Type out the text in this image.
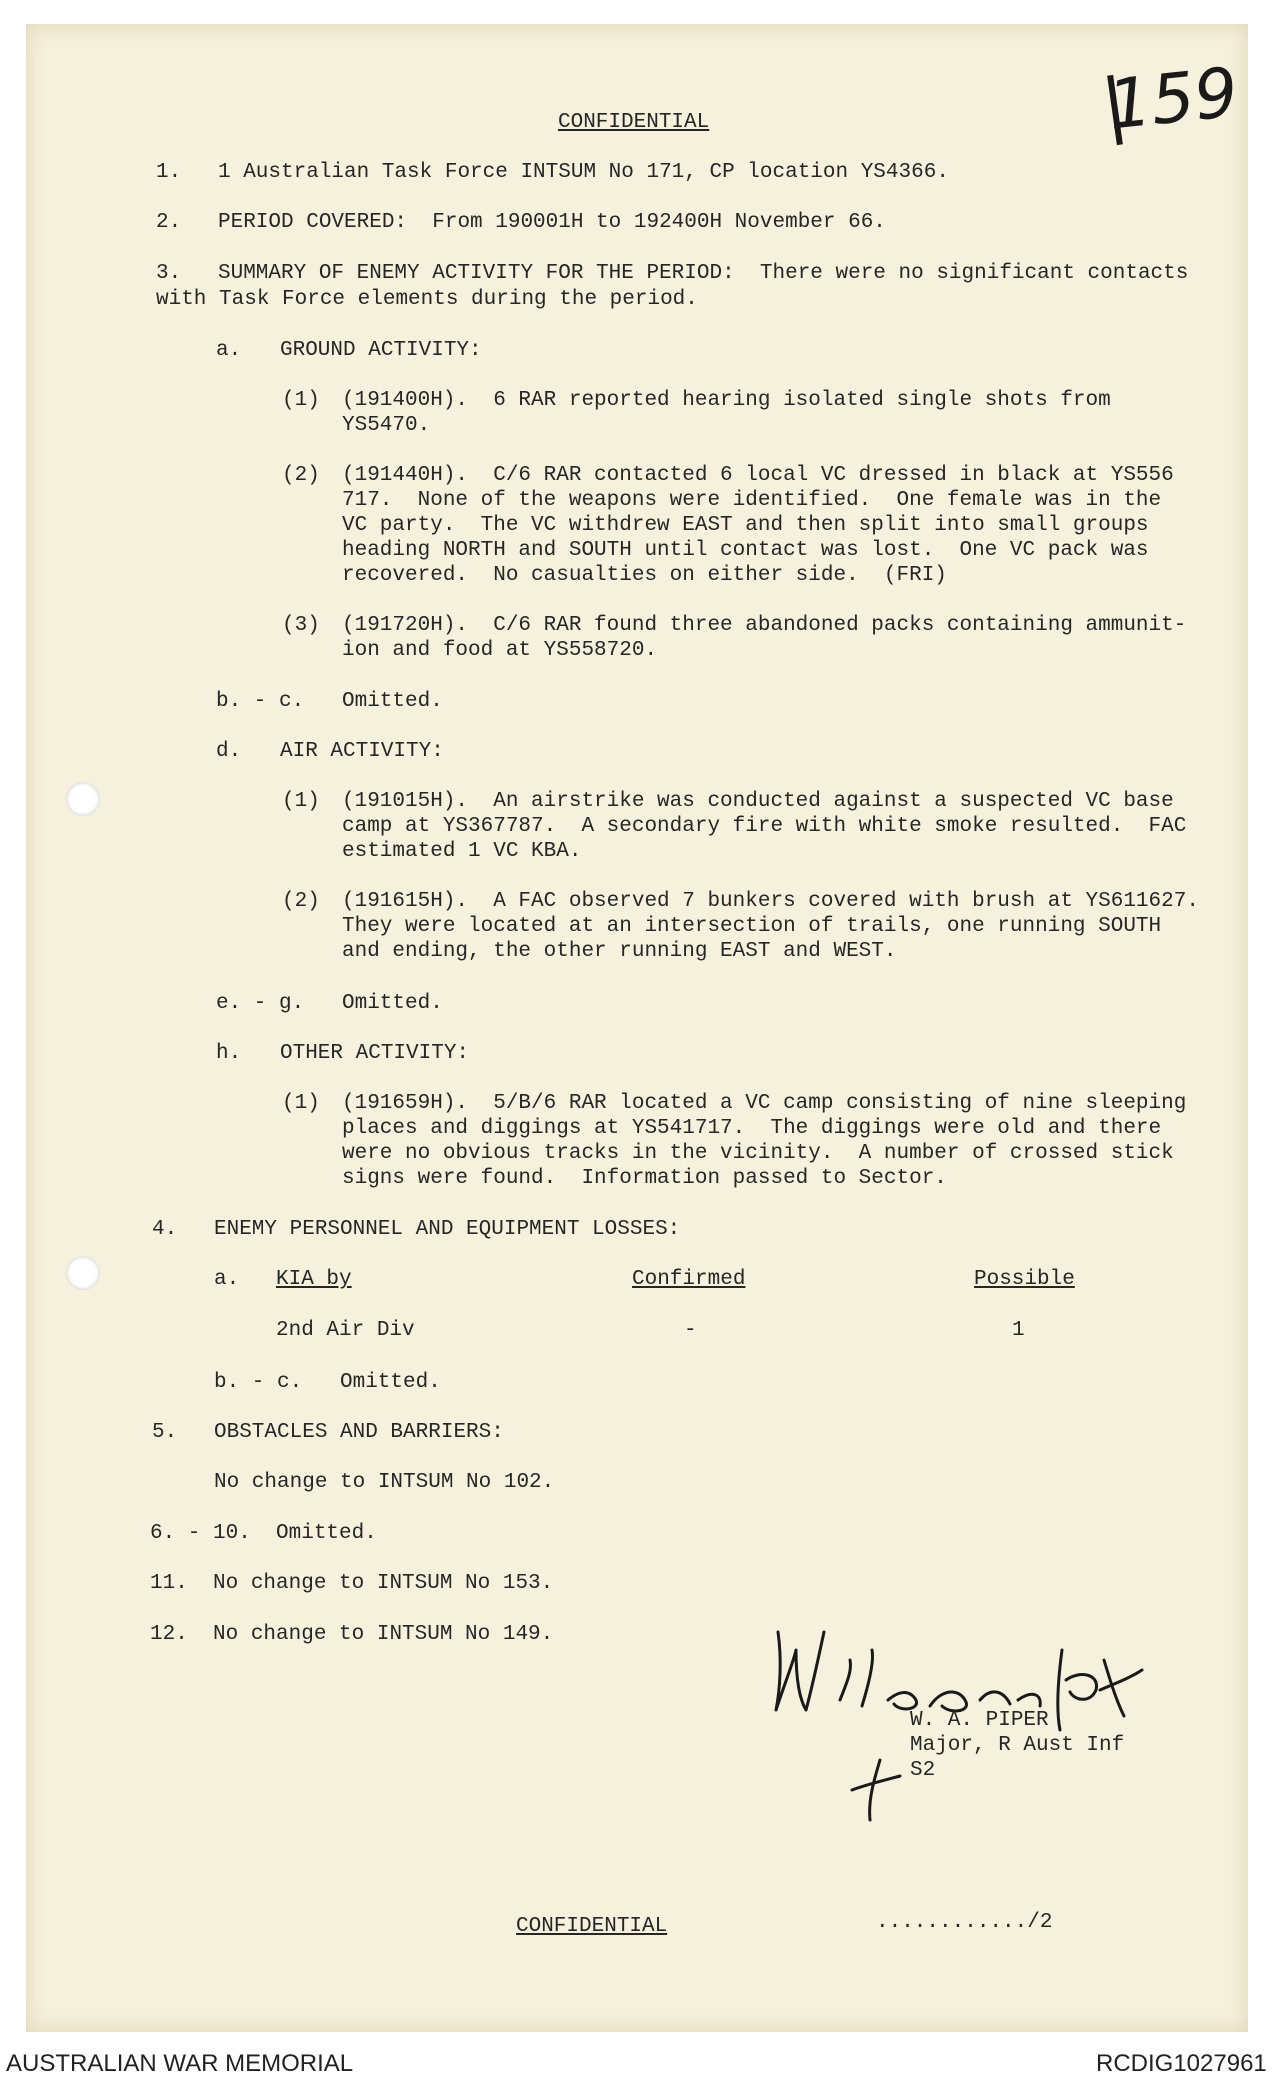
159
CONFIDENTIAL
1. 1 Australian Task Force INTSUM No 171, CP location YS4366.
2. PERIOD COVERED:  From 190001H to 192400H November 66.
3. SUMMARY OF ENEMY ACTIVITY FOR THE PERIOD:  There were no significant contacts
with Task Force elements during the period.
a. GROUND ACTIVITY:
(1) (191400H).  6 RAR reported hearing isolated single shots from
YS5470.
(2) (191440H).  C/6 RAR contacted 6 local VC dressed in black at YS556
717.  None of the weapons were identified.  One female was in the
VC party.  The VC withdrew EAST and then split into small groups
heading NORTH and SOUTH until contact was lost.  One VC pack was
recovered.  No casualties on either side.  (FRI)
(3) (191720H).  C/6 RAR found three abandoned packs containing ammunit-
ion and food at YS558720.
b. - c. Omitted.
d. AIR ACTIVITY:
(1) (191015H).  An airstrike was conducted against a suspected VC base
camp at YS367787.  A secondary fire with white smoke resulted.  FAC
estimated 1 VC KBA.
(2) (191615H).  A FAC observed 7 bunkers covered with brush at YS611627.
They were located at an intersection of trails, one running SOUTH
and ending, the other running EAST and WEST.
e. - g. Omitted.
h. OTHER ACTIVITY:
(1) (191659H).  5/B/6 RAR located a VC camp consisting of nine sleeping
places and diggings at YS541717.  The diggings were old and there
were no obvious tracks in the vicinity.  A number of crossed stick
signs were found.  Information passed to Sector.
4. ENEMY PERSONNEL AND EQUIPMENT LOSSES:
a. KIA by	Confirmed	Possible
2nd Air Div	-	1
b. - c. Omitted.
5. OBSTACLES AND BARRIERS:
No change to INTSUM No 102.
6. - 10.  Omitted.
11.  No change to INTSUM No 153.
12.  No change to INTSUM No 149.
W. A. PIPER
Major, R Aust Inf
S2
CONFIDENTIAL	............/2
AUSTRALIAN WAR MEMORIAL	RCDIG1027961
